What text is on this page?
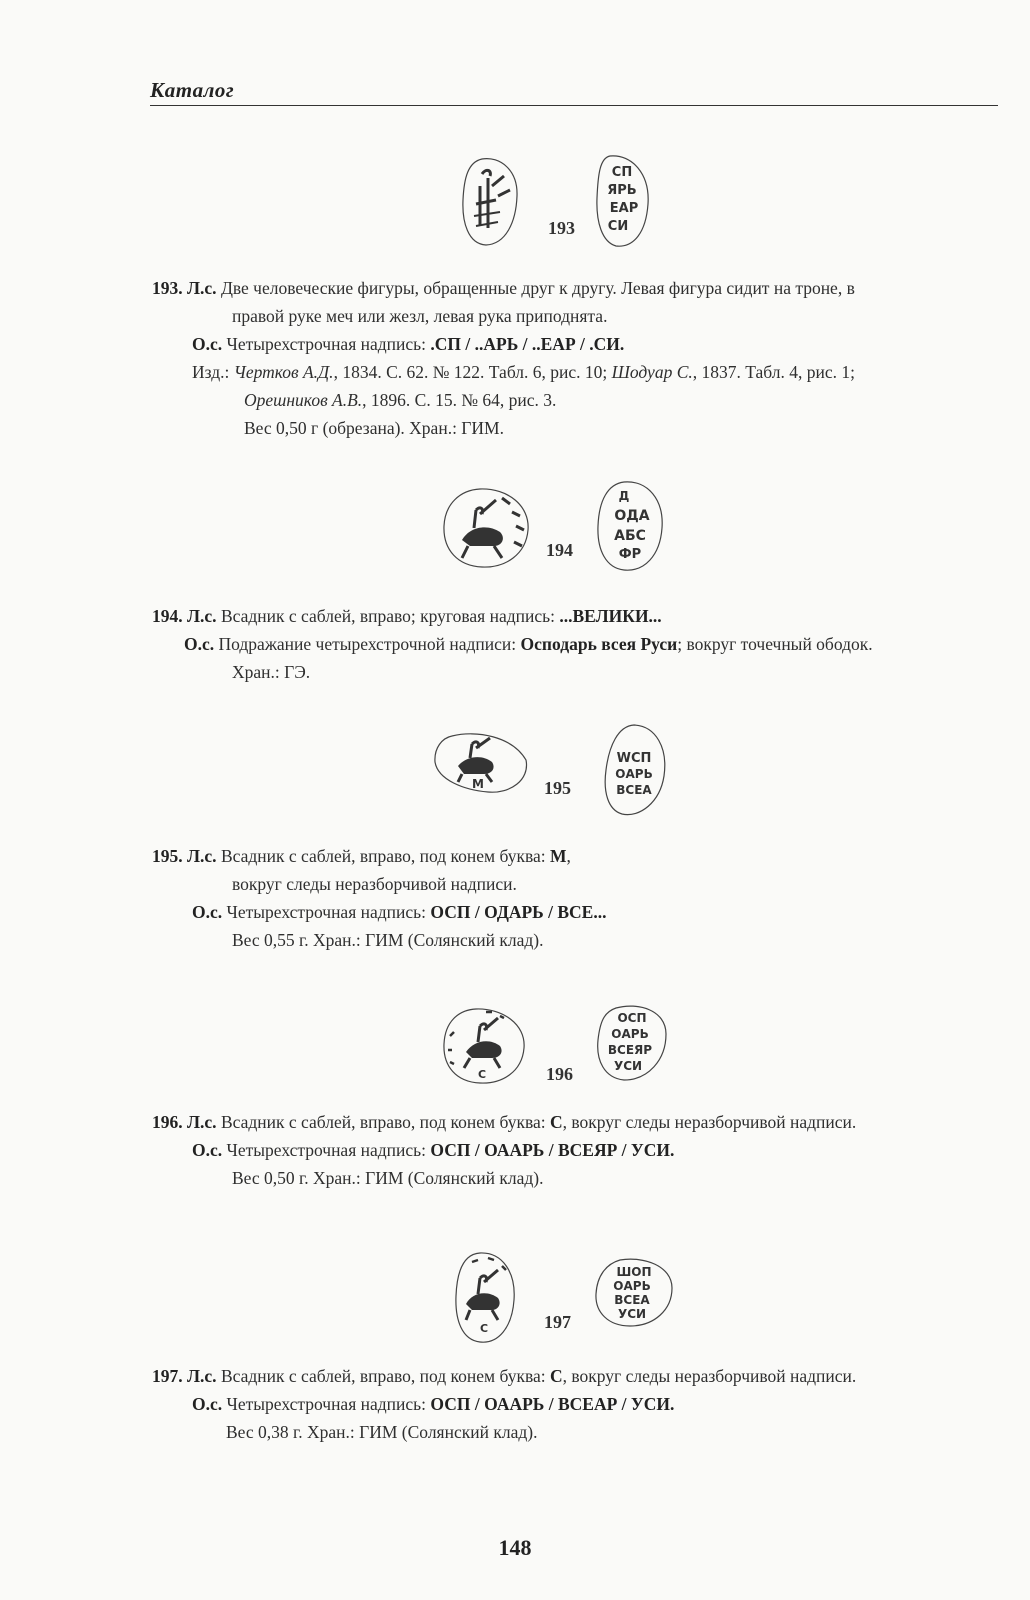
Каталог
193
СП
ЯРЬ
ЕАР
СИ
193. Л.с. Две человеческие фигуры, обращенные друг к другу. Левая фигура сидит на троне, в
правой руке меч или жезл, левая рука приподнята.
О.с. Четырехстрочная надпись: .СП / ..АРЬ / ..ЕАР / .СИ.
Изд.: Чертков А.Д., 1834. С. 62. № 122. Табл. 6, рис. 10; Шодуар С., 1837. Табл. 4, рис. 1;
Орешников А.В., 1896. С. 15. № 64, рис. 3.
Вес 0,50 г (обрезана). Хран.: ГИМ.
194
Д
ОДА
АБС
ФР
194. Л.с. Всадник с саблей, вправо; круговая надпись: ...ВЕЛИКИ...
О.с. Подражание четырехстрочной надписи: Осподарь всея Руси; вокруг точечный ободок.
Хран.: ГЭ.
М	195
WСП
ОАРЬ
ВСЕА
195. Л.с. Всадник с саблей, вправо, под конем буква: М,
вокруг следы неразборчивой надписи.
О.с. Четырехстрочная надпись: ОСП / ОДАРЬ / ВСЕ...
Вес 0,55 г. Хран.: ГИМ (Солянский клад).
С	196
ОСП
ОАРЬ
ВСЕЯР
УСИ
196. Л.с. Всадник с саблей, вправо, под конем буква: С, вокруг следы неразборчивой надписи.
О.с. Четырехстрочная надпись: ОСП / ОААРЬ / ВСЕЯР / УСИ.
Вес 0,50 г. Хран.: ГИМ (Солянский клад).
С	197
ШОП
ОАРЬ
ВСЕА
УСИ
197. Л.с. Всадник с саблей, вправо, под конем буква: С, вокруг следы неразборчивой надписи.
О.с. Четырехстрочная надпись: ОСП / ОААРЬ / ВСЕАР / УСИ.
Вес 0,38 г. Хран.: ГИМ (Солянский клад).
148
